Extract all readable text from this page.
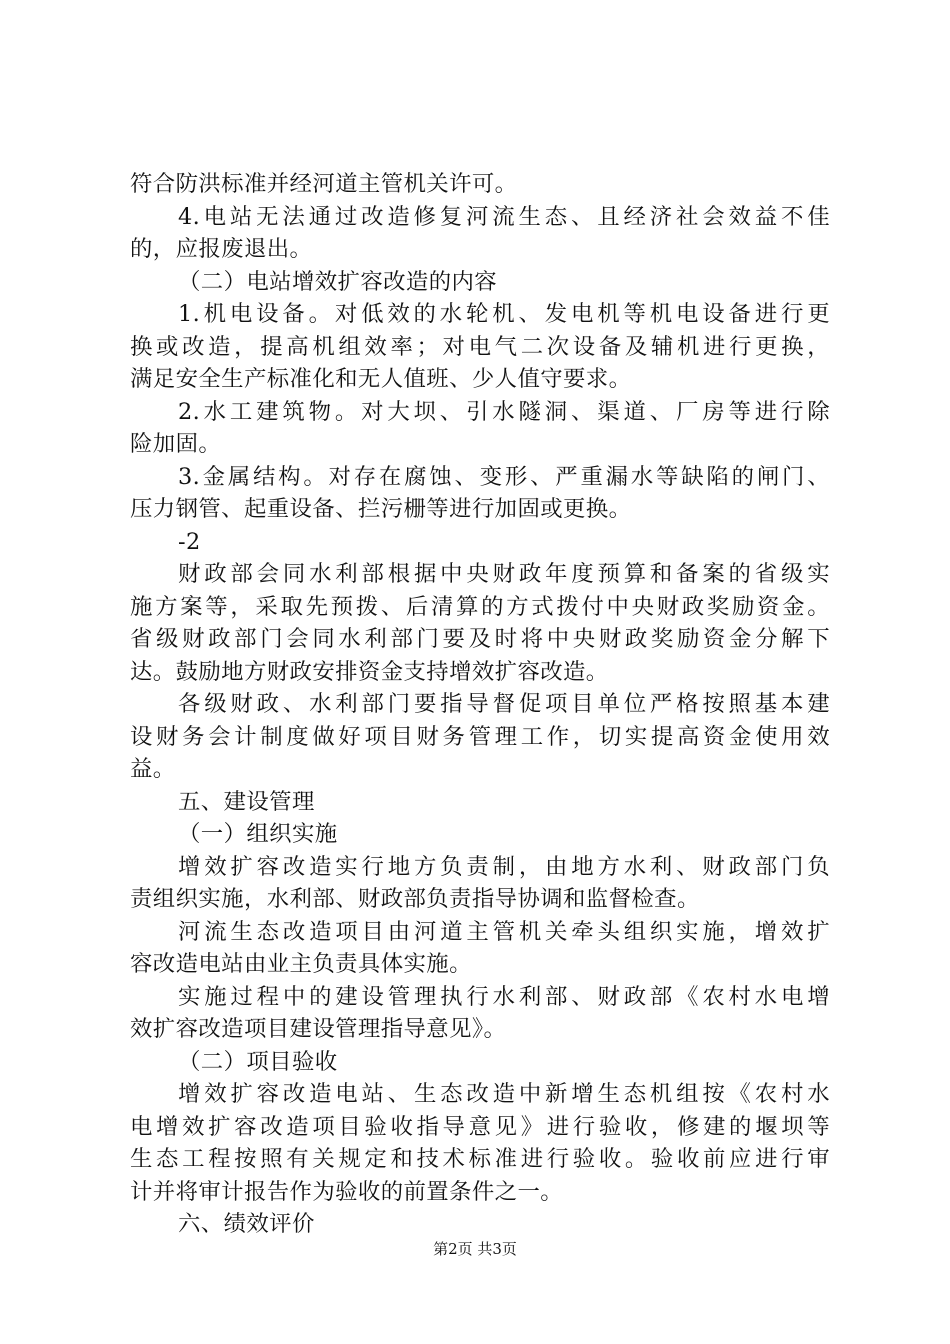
符合防洪标准并经河道主管机关许可。
4.电站无法通过改造修复河流生态、且经济社会效益不佳
的，应报废退出。
（二）电站增效扩容改造的内容
1.机电设备。对低效的水轮机、发电机等机电设备进行更
换或改造，提高机组效率；对电气二次设备及辅机进行更换，
满足安全生产标准化和无人值班、少人值守要求。
2.水工建筑物。对大坝、引水隧洞、渠道、厂房等进行除
险加固。
3.金属结构。对存在腐蚀、变形、严重漏水等缺陷的闸门、
压力钢管、起重设备、拦污栅等进行加固或更换。
-2
财政部会同水利部根据中央财政年度预算和备案的省级实
施方案等，采取先预拨、后清算的方式拨付中央财政奖励资金。
省级财政部门会同水利部门要及时将中央财政奖励资金分解下
达。鼓励地方财政安排资金支持增效扩容改造。
各级财政、水利部门要指导督促项目单位严格按照基本建
设财务会计制度做好项目财务管理工作，切实提高资金使用效
益。
五、建设管理
（一）组织实施
增效扩容改造实行地方负责制，由地方水利、财政部门负
责组织实施，水利部、财政部负责指导协调和监督检查。
河流生态改造项目由河道主管机关牵头组织实施，增效扩
容改造电站由业主负责具体实施。
实施过程中的建设管理执行水利部、财政部《农村水电增
效扩容改造项目建设管理指导意见》。
（二）项目验收
增效扩容改造电站、生态改造中新增生态机组按《农村水
电增效扩容改造项目验收指导意见》进行验收，修建的堰坝等
生态工程按照有关规定和技术标准进行验收。验收前应进行审
计并将审计报告作为验收的前置条件之一。
六、绩效评价
第2页 共3页
